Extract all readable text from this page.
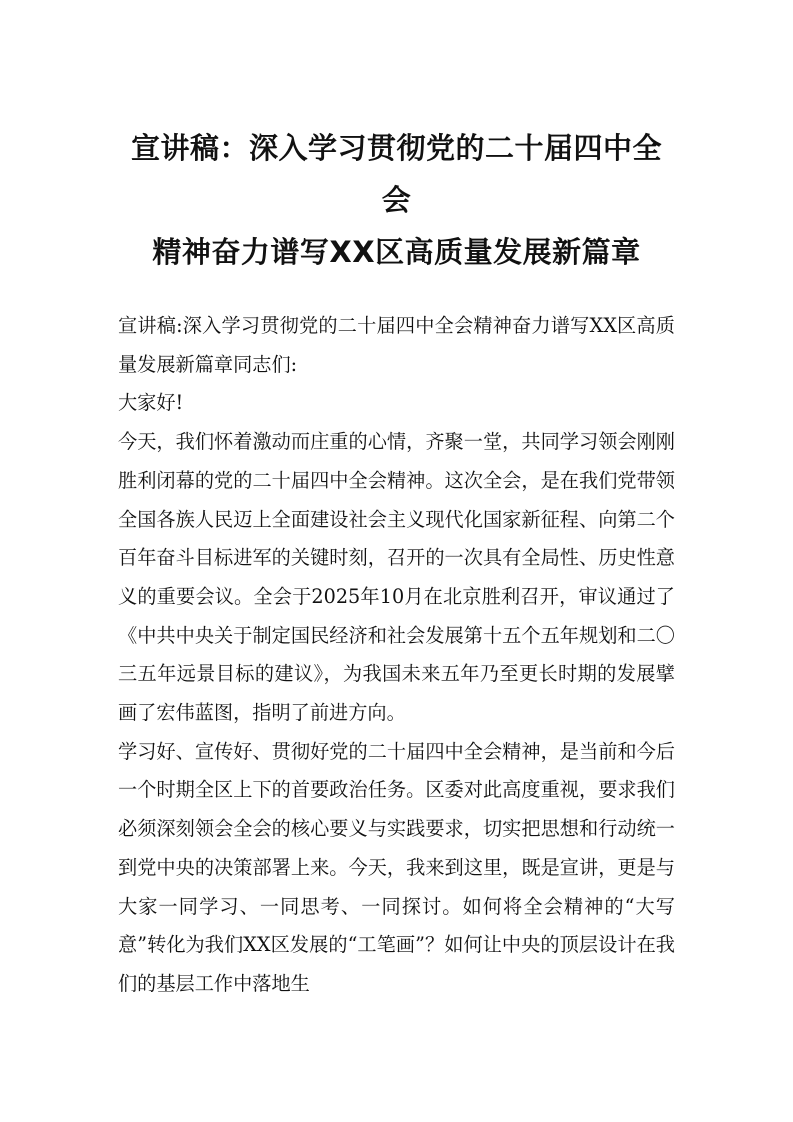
宣讲稿：深入学习贯彻党的二十届四中全会
精神奋力谱写XX区高质量发展新篇章

宣讲稿:深入学习贯彻党的二十届四中全会精神奋力谱写XX区高质量发展新篇章同志们:

大家好!

今天，我们怀着激动而庄重的心情，齐聚一堂，共同学习领会刚刚胜利闭幕的党的二十届四中全会精神。这次全会，是在我们党带领全国各族人民迈上全面建设社会主义现代化国家新征程、向第二个百年奋斗目标进军的关键时刻，召开的一次具有全局性、历史性意义的重要会议。全会于2025年10月在北京胜利召开，审议通过了《中共中央关于制定国民经济和社会发展第十五个五年规划和二〇三五年远景目标的建议》，为我国未来五年乃至更长时期的发展擘画了宏伟蓝图，指明了前进方向。

学习好、宣传好、贯彻好党的二十届四中全会精神，是当前和今后一个时期全区上下的首要政治任务。区委对此高度重视，要求我们必须深刻领会全会的核心要义与实践要求，切实把思想和行动统一到党中央的决策部署上来。今天，我来到这里，既是宣讲，更是与大家一同学习、一同思考、一同探讨。如何将全会精神的“大写意”转化为我们XX区发展的“工笔画”？如何让中央的顶层设计在我们的基层工作中落地生
